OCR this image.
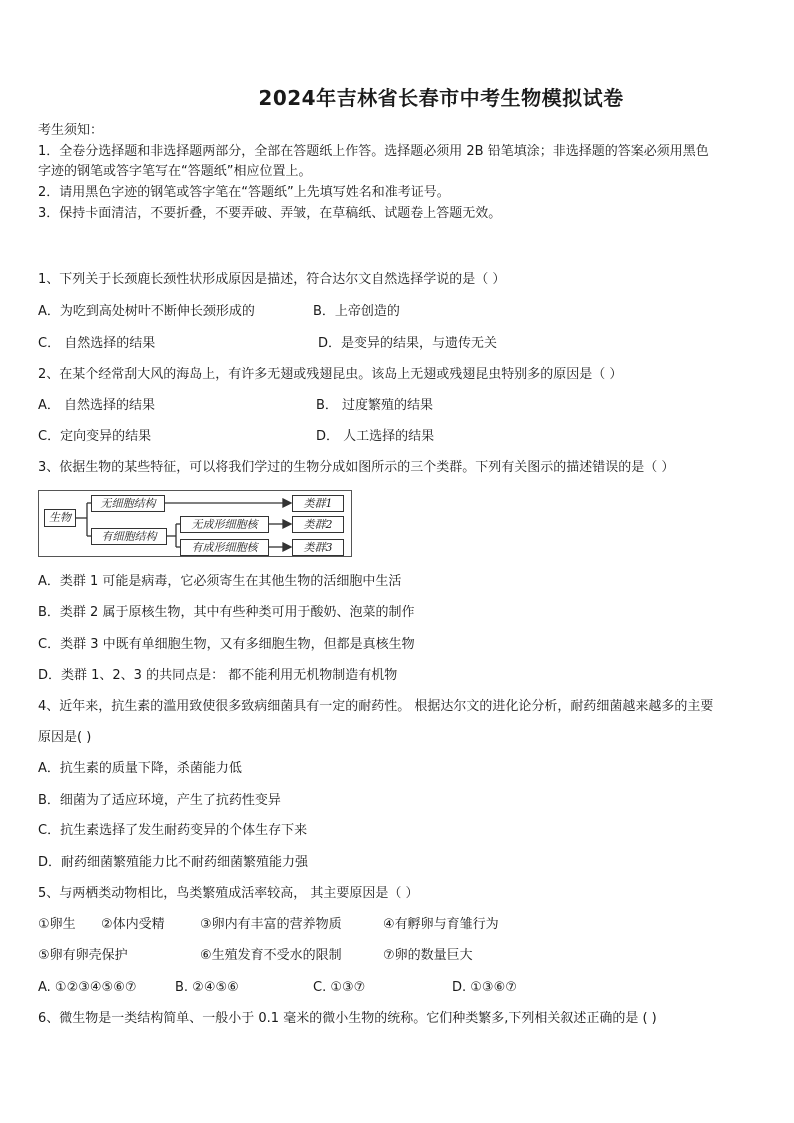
2024年吉林省长春市中考生物模拟试卷
考生须知：
1．全卷分选择题和非选择题两部分，全部在答题纸上作答。选择题必须用 2B 铅笔填涂；非选择题的答案必须用黑色
字迹的钢笔或答字笔写在“答题纸”相应位置上。
2．请用黑色字迹的钢笔或答字笔在“答题纸”上先填写姓名和准考证号。
3．保持卡面清洁，不要折叠，不要弄破、弄皱，在草稿纸、试题卷上答题无效。
1、下列关于长颈鹿长颈性状形成原因是描述，符合达尔文自然选择学说的是（ ）
A．为吃到高处树叶不断伸长颈形成的	B．上帝创造的
C． 自然选择的结果	D．是变异的结果，与遗传无关
2、在某个经常刮大风的海岛上，有许多无翅或残翅昆虫。该岛上无翅或残翅昆虫特别多的原因是（ ）
A． 自然选择的结果	B． 过度繁殖的结果
C．定向变异的结果	D． 人工选择的结果
3、依据生物的某些特征，可以将我们学过的生物分成如图所示的三个类群。下列有关图示的描述错误的是（ ）
生物
无细胞结构
有细胞结构
无成形细胞核
有成形细胞核
类群1
类群2
类群3
A．类群 1 可能是病毒，它必须寄生在其他生物的活细胞中生活
B．类群 2 属于原核生物，其中有些种类可用于酸奶、泡菜的制作
C．类群 3 中既有单细胞生物，又有多细胞生物，但都是真核生物
D．类群 1、2、3 的共同点是： 都不能利用无机物制造有机物
4、近年来，抗生素的滥用致使很多致病细菌具有一定的耐药性。 根据达尔文的进化论分析，耐药细菌越来越多的主要
原因是( )
A．抗生素的质量下降，杀菌能力低
B．细菌为了适应环境，产生了抗药性变异
C．抗生素选择了发生耐药变异的个体生存下来
D．耐药细菌繁殖能力比不耐药细菌繁殖能力强
5、与两栖类动物相比，鸟类繁殖成活率较高， 其主要原因是（ ）
①卵生 ②体内受精	③卵内有丰富的营养物质	④有孵卵与育雏行为
⑤卵有卵壳保护	⑥生殖发育不受水的限制	⑦卵的数量巨大
A. ①②③④⑤⑥⑦	B. ②④⑤⑥	C. ①③⑦	D. ①③⑥⑦
6、微生物是一类结构简单、一般小于 0.1 毫米的微小生物的统称。它们种类繁多,下列相关叙述正确的是 ( )
